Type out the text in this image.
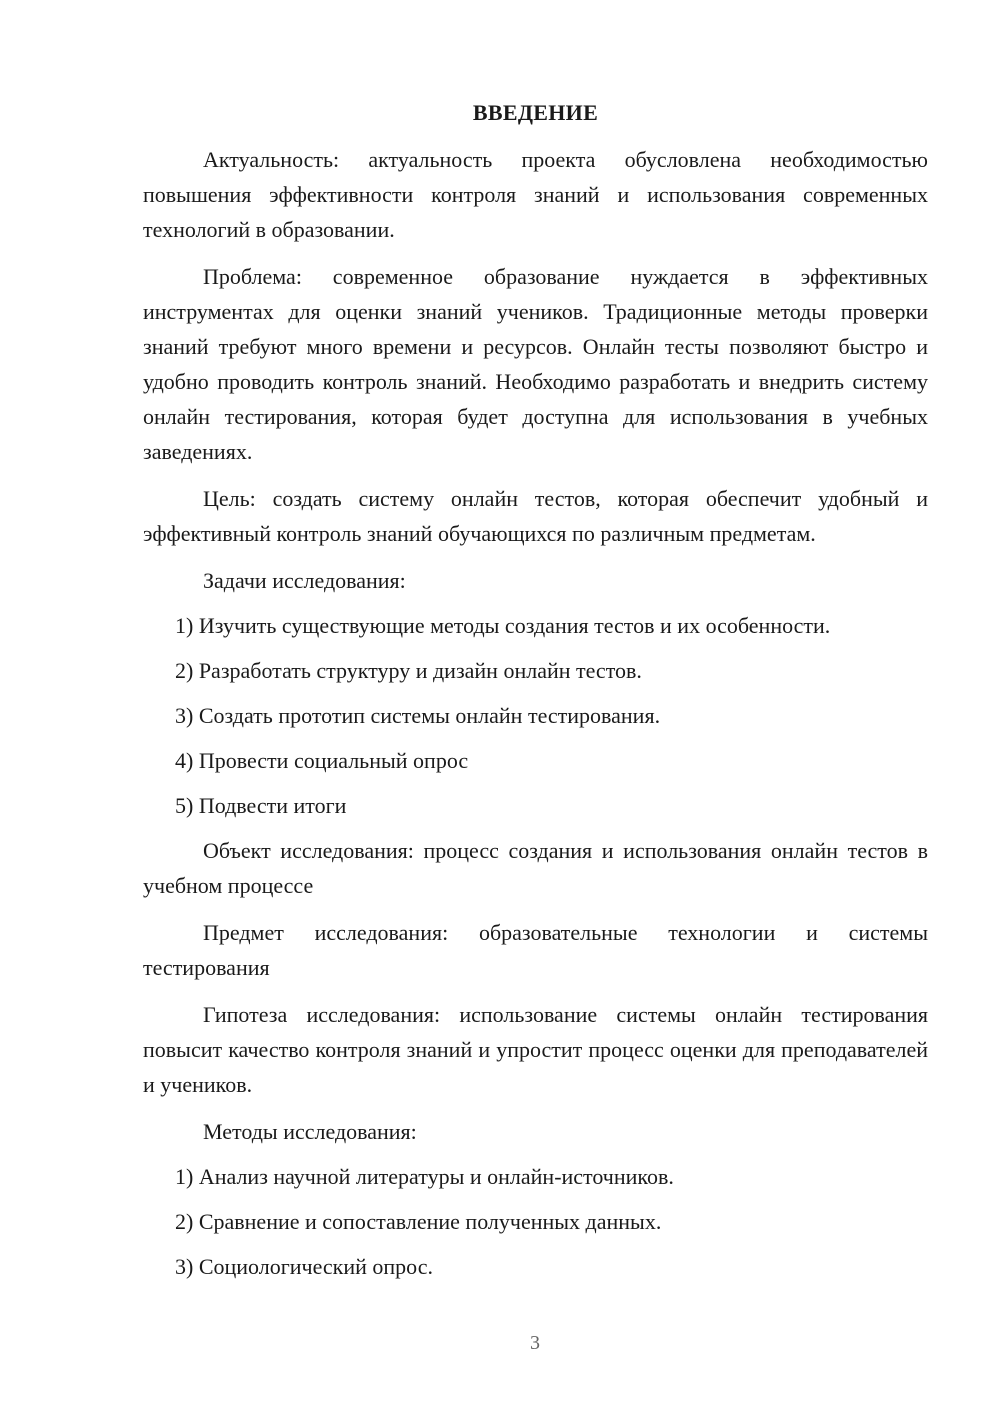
ВВЕДЕНИЕ

Актуальность: актуальность проекта обусловлена необходимостью повышения эффективности контроля знаний и использования современных технологий в образовании.

Проблема: современное образование нуждается в эффективных инструментах для оценки знаний учеников. Традиционные методы проверки знаний требуют много времени и ресурсов. Онлайн тесты позволяют быстро и удобно проводить контроль знаний. Необходимо разработать и внедрить систему онлайн тестирования, которая будет доступна для использования в учебных заведениях.

Цель: создать систему онлайн тестов, которая обеспечит удобный и эффективный контроль знаний обучающихся по различным предметам.

Задачи исследования:
1) Изучить существующие методы создания тестов и их особенности.
2) Разработать структуру и дизайн онлайн тестов.
3) Создать прототип системы онлайн тестирования.
4) Провести социальный опрос
5) Подвести итоги

Объект исследования: процесс создания и использования онлайн тестов в учебном процессе

Предмет исследования: образовательные технологии и системы тестирования

Гипотеза исследования: использование системы онлайн тестирования повысит качество контроля знаний и упростит процесс оценки для преподавателей и учеников.

Методы исследования:
1) Анализ научной литературы и онлайн-источников.
2) Сравнение и сопоставление полученных данных.
3) Социологический опрос.
3
